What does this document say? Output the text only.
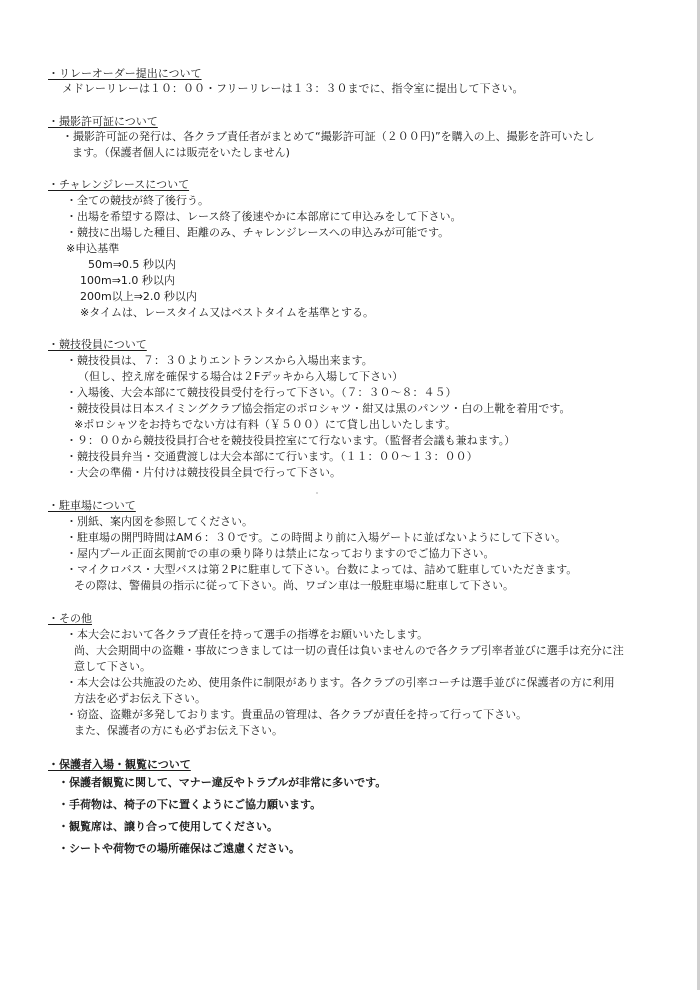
・リレーオーダー提出について
メドレーリレーは１０：００・フリーリレーは１３：３０までに、指令室に提出して下さい。
・撮影許可証について
・撮影許可証の発行は、各クラブ責任者がまとめて“撮影許可証（２００円)”を購入の上、撮影を許可いたし
ます。（保護者個人には販売をいたしません)
・チャレンジレースについて
・全ての競技が終了後行う。
・出場を希望する際は、レース終了後速やかに本部席にて申込みをして下さい。
・競技に出場した種目、距離のみ、チャレンジレースへの申込みが可能です。
※申込基準
50m⇒0.5 秒以内
100m⇒1.0 秒以内
200m以上⇒2.0 秒以内
※タイムは、レースタイム又はベストタイムを基準とする。
・競技役員について
・競技役員は、７：３０よりエントランスから入場出来ます。
（但し、控え席を確保する場合は２Fデッキから入場して下さい）
・入場後、大会本部にて競技役員受付を行って下さい。（７：３０～８：４５）
・競技役員は日本スイミングクラブ協会指定のポロシャツ・紺又は黒のパンツ・白の上靴を着用です。
※ポロシャツをお持ちでない方は有料（￥５００）にて貸し出しいたします。
・９：００から競技役員打合せを競技役員控室にて行ないます。（監督者会議も兼ねます。）
・競技役員弁当・交通費渡しは大会本部にて行います。（１１：００～１３：００）
・大会の準備・片付けは競技役員全員で行って下さい。
・駐車場について
・別紙、案内図を参照してください。
・駐車場の開門時間はAM６：３０です。この時間より前に入場ゲートに並ばないようにして下さい。
・屋内プール正面玄関前での車の乗り降りは禁止になっておりますのでご協力下さい。
・マイクロバス・大型バスは第２Pに駐車して下さい。台数によっては、詰めて駐車していただきます。
その際は、警備員の指示に従って下さい。尚、ワゴン車は一般駐車場に駐車して下さい。
・その他
・本大会において各クラブ責任を持って選手の指導をお願いいたします。
尚、大会期間中の盗難・事故につきましては一切の責任は負いませんので各クラブ引率者並びに選手は充分に注
意して下さい。
・本大会は公共施設のため、使用条件に制限があります。各クラブの引率コーチは選手並びに保護者の方に利用
方法を必ずお伝え下さい。
・窃盗、盗難が多発しております。貴重品の管理は、各クラブが責任を持って行って下さい。
また、保護者の方にも必ずお伝え下さい。
・保護者入場・観覧について
・保護者観覧に関して、マナー違反やトラブルが非常に多いです。
・手荷物は、椅子の下に置くようにご協力願います。
・観覧席は、譲り合って使用してください。
・シートや荷物での場所確保はご遠慮ください。
